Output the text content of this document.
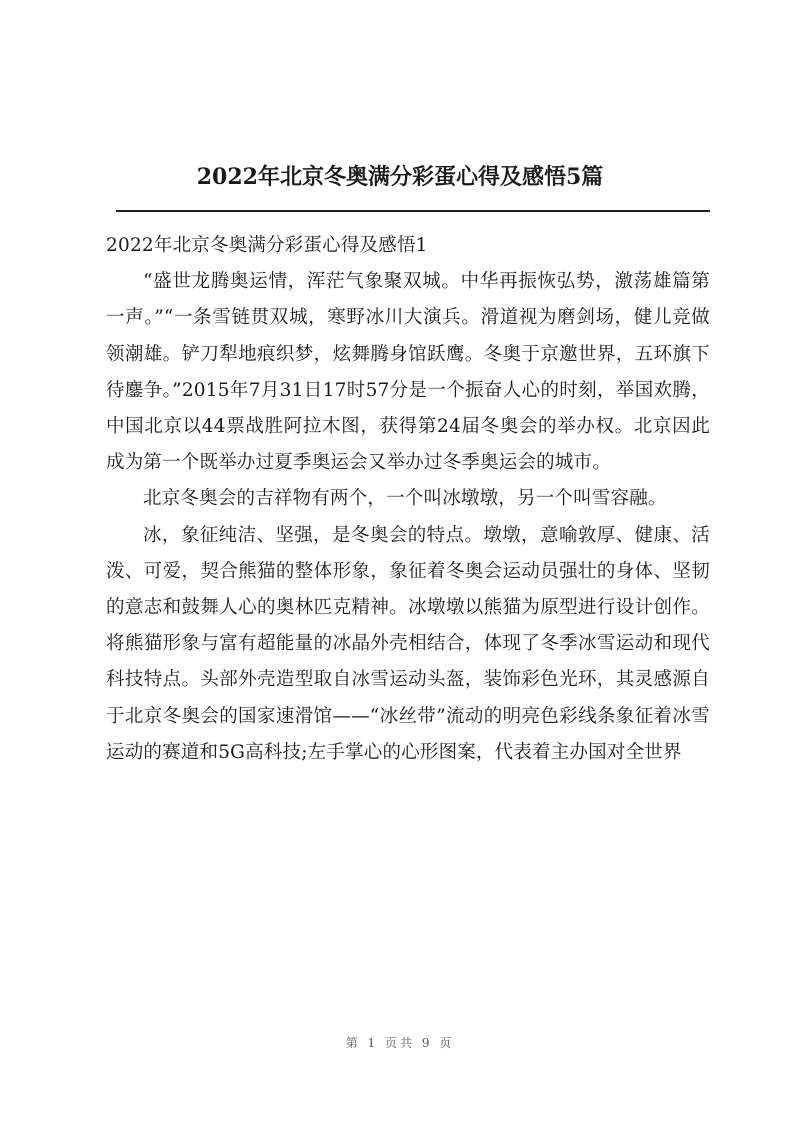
2022年北京冬奥满分彩蛋心得及感悟5篇

2022年北京冬奥满分彩蛋心得及感悟1

“盛世龙腾奥运情，浑茫气象聚双城。中华再振恢弘势，激荡雄篇第一声。”“一条雪链贯双城，寒野冰川大演兵。滑道视为磨剑场，健儿竞做领潮雄。铲刀犁地痕织梦，炫舞腾身馆跃鹰。冬奥于京邀世界，五环旗下待鏖争。”2015年7月31日17时57分是一个振奋人心的时刻，举国欢腾，中国北京以44票战胜阿拉木图，获得第24届冬奥会的举办权。北京因此成为第一个既举办过夏季奥运会又举办过冬季奥运会的城市。

北京冬奥会的吉祥物有两个，一个叫冰墩墩，另一个叫雪容融。

冰，象征纯洁、坚强，是冬奥会的特点。墩墩，意喻敦厚、健康、活泼、可爱，契合熊猫的整体形象，象征着冬奥会运动员强壮的身体、坚韧的意志和鼓舞人心的奥林匹克精神。冰墩墩以熊猫为原型进行设计创作。将熊猫形象与富有超能量的冰晶外壳相结合，体现了冬季冰雪运动和现代科技特点。头部外壳造型取自冰雪运动头盔，装饰彩色光环，其灵感源自于北京冬奥会的国家速滑馆——“冰丝带”流动的明亮色彩线条象征着冰雪运动的赛道和5G高科技;左手掌心的心形图案，代表着主办国对全世界

第 1 页共 9 页
